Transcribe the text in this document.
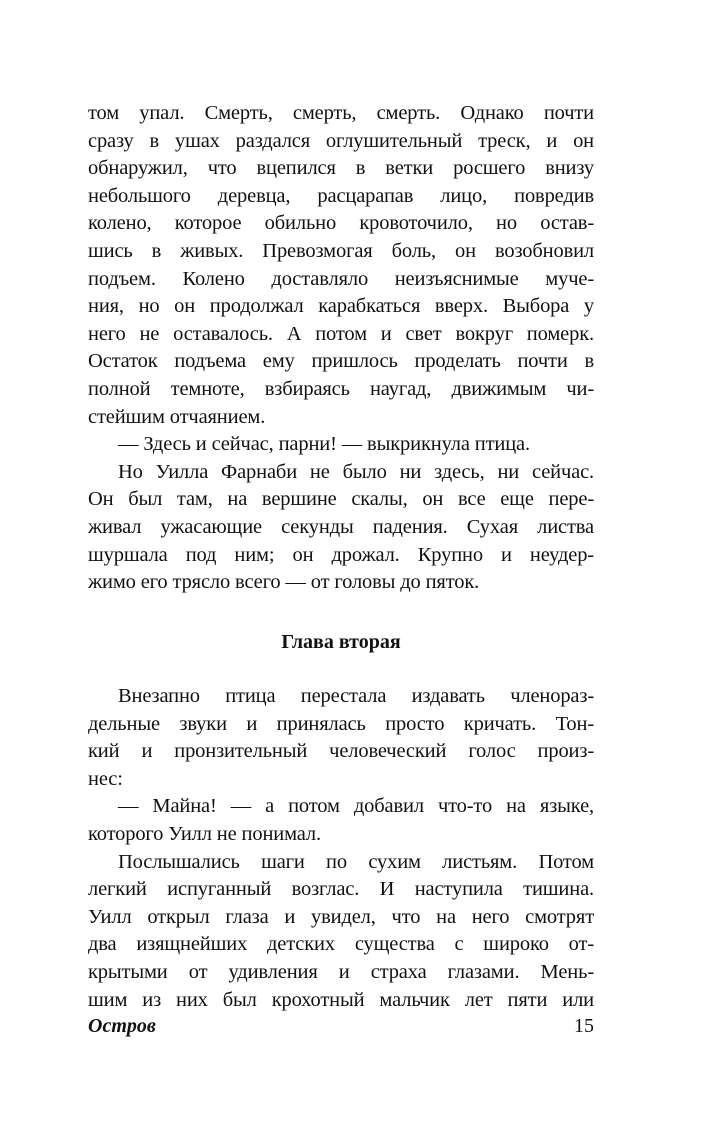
том упал. Смерть, смерть, смерть. Однако почти
сразу в ушах раздался оглушительный треск, и он
обнаружил, что вцепился в ветки росшего внизу
небольшого деревца, расцарапав лицо, повредив
колено, которое обильно кровоточило, но остав-
шись в живых. Превозмогая боль, он возобновил
подъем. Колено доставляло неизъяснимые муче-
ния, но он продолжал карабкаться вверх. Выбора у
него не оставалось. А потом и свет вокруг померк.
Остаток подъема ему пришлось проделать почти в
полной темноте, взбираясь наугад, движимым чи-
стейшим отчаянием.
— Здесь и сейчас, парни! — выкрикнула птица.
Но Уилла Фарнаби не было ни здесь, ни сейчас.
Он был там, на вершине скалы, он все еще пере-
живал ужасающие секунды падения. Сухая листва
шуршала под ним; он дрожал. Крупно и неудер-
жимо его трясло всего — от головы до пяток.
Глава вторая
Внезапно птица перестала издавать членораз-
дельные звуки и принялась просто кричать. Тон-
кий и пронзительный человеческий голос произ-
нес:
— Майна! — а потом добавил что-то на языке,
которого Уилл не понимал.
Послышались шаги по сухим листьям. Потом
легкий испуганный возглас. И наступила тишина.
Уилл открыл глаза и увидел, что на него смотрят
два изящнейших детских существа с широко от-
крытыми от удивления и страха глазами. Мень-
шим из них был крохотный мальчик лет пяти или
Остров	15
